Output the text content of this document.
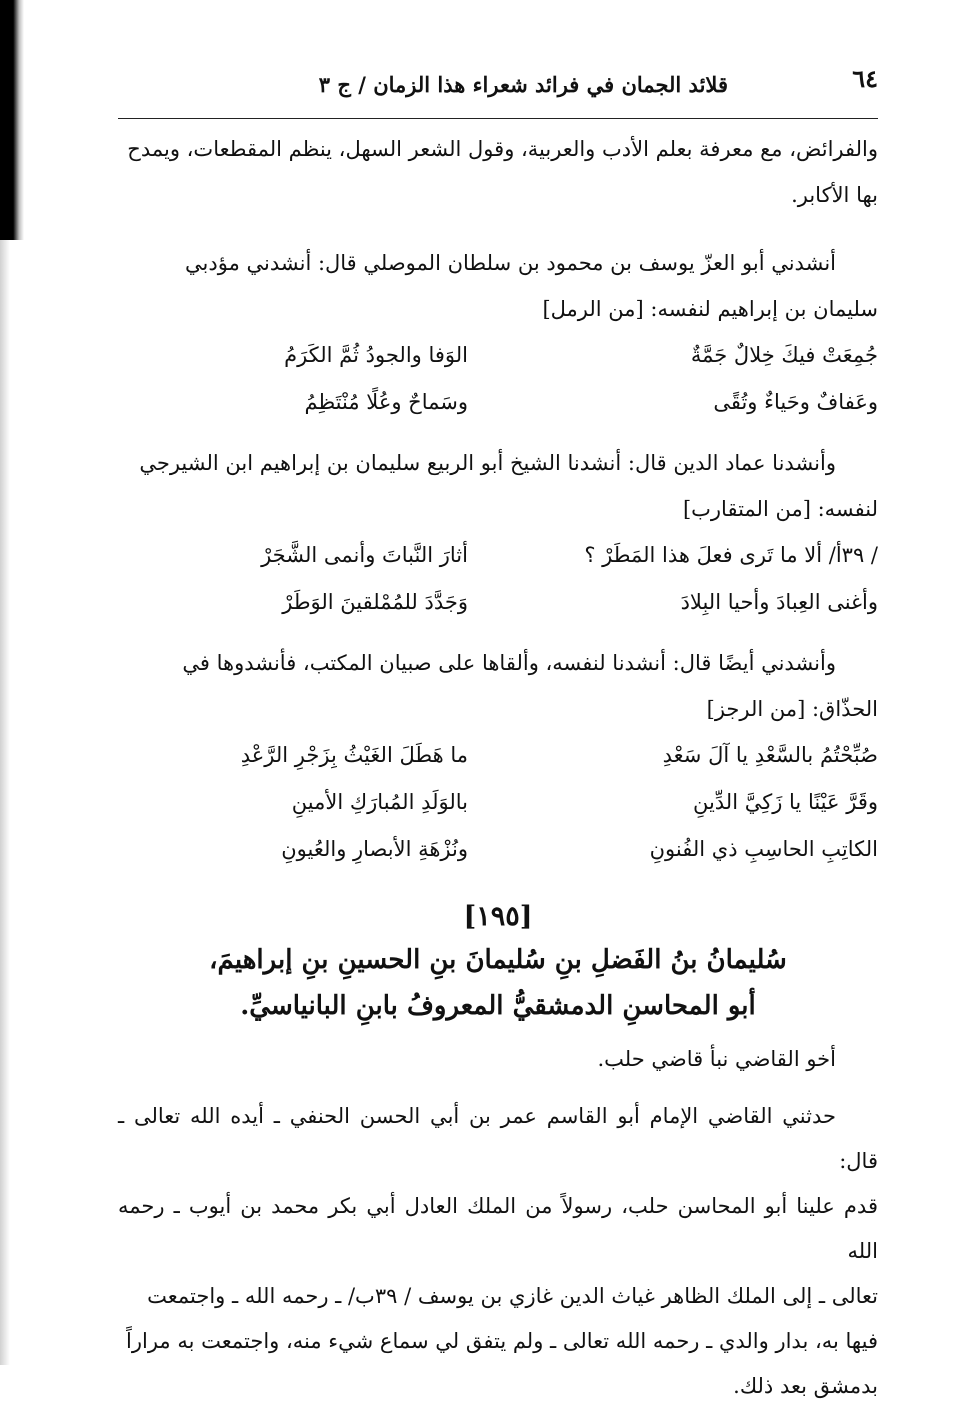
٦٤
قلائد الجمان في فرائد شعراء هذا الزمان / ج ٣

والفرائض، مع معرفة بعلم الأدب والعربية، وقول الشعر السهل، ينظم المقطعات، ويمدح
بها الأكابر.

أنشدني أبو العزّ يوسف بن محمود بن سلطان الموصلي قال: أنشدني مؤدبي
سليمان بن إبراهيم لنفسه: [من الرمل]

جُمِعَتْ فيكَ خِلالٌ جَمَّةٌ
الوَفا والجودُ ثُمَّ الكَرَمُ
وعَفافٌ وحَياءٌ وتُقًى
وسَماحٌ وعُلًا مُنْتَظِمُ

وأنشدنا عماد الدين قال: أنشدنا الشيخ أبو الربيع سليمان بن إبراهيم ابن الشيرجي
لنفسه: [من المتقارب]

/ ٣٩أ/ ألا ما تَرى فعلَ هذا المَطَرْ ؟
أثارَ النَّباتَ وأنمى الشَّجَرْ
وأغنى العِبادَ وأحيا البِلادَ
وَجَدَّدَ للمُمْلقينَ الوَطَرْ

وأنشدني أيضًا قال: أنشدنا لنفسه، وألقاها على صبيان المكتب، فأنشدوها في
الحذّاق: [من الرجز]

صُبِّحْتُمُ بالسَّعْدِ يا آلَ سَعْدِ
ما هَطَلَ الغَيْثُ بِزَجْرِ الرَّعْدِ
وقَرَّ عَيْنًا يا زَكِيَّ الدِّينِ
بالوَلَدِ المُبارَكِ الأمينِ
الكاتِبِ الحاسِبِ ذي الفُنونِ
ونُزْهَةِ الأبصارِ والعُيونِ
[١٩٥]
سُليمانُ بنُ الفَضلِ بنِ سُليمانَ بنِ الحسينِ بنِ إبراهيمَ،
أبو المحاسنِ الدمشقيُّ المعروفُ بابنِ البانياسيِّ.

أخو القاضي نبأ قاضي حلب.

حدثني القاضي الإمام أبو القاسم عمر بن أبي الحسن الحنفي ـ أيده الله تعالى ـ قال:
قدم علينا أبو المحاسن حلب، رسولاً من الملك العادل أبي بكر محمد بن أيوب ـ رحمه الله
تعالى ـ إلى الملك الظاهر غياث الدين غازي بن يوسف / ٣٩ب/ ـ رحمه الله ـ واجتمعت
فيها به، بدار والدي ـ رحمه الله تعالى ـ ولم يتفق لي سماع شيء منه، واجتمعت به مراراً
بدمشق بعد ذلك.
